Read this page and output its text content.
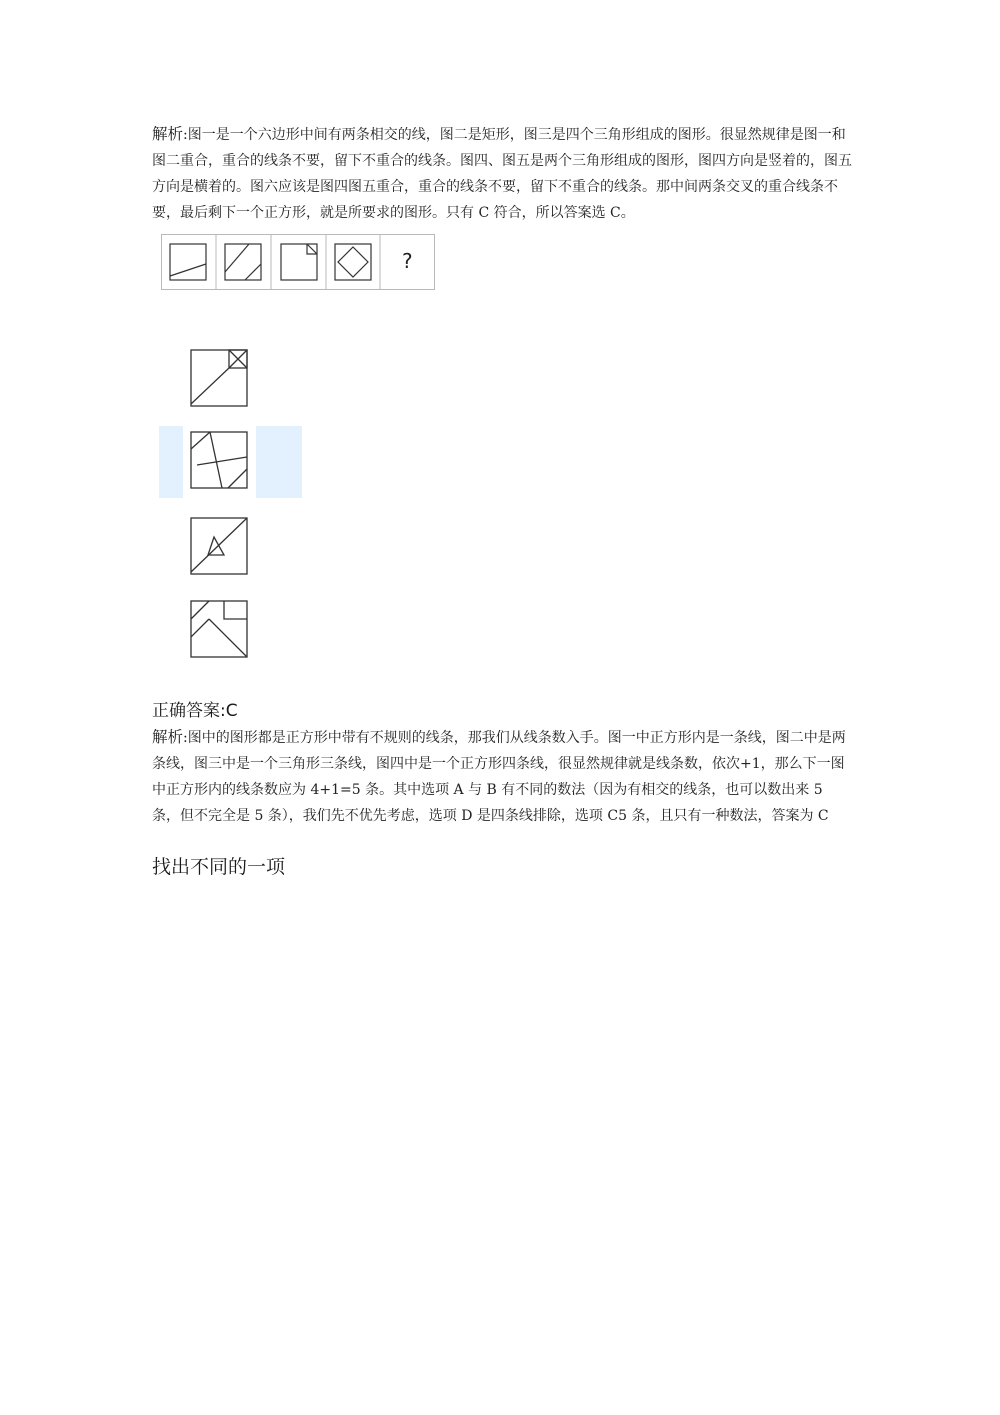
解析:图一是一个六边形中间有两条相交的线，图二是矩形，图三是四个三角形组成的图形。很显然规律是图一和图二重合，重合的线条不要，留下不重合的线条。图四、图五是两个三角形组成的图形，图四方向是竖着的，图五方向是横着的。图六应该是图四图五重合，重合的线条不要，留下不重合的线条。那中间两条交叉的重合线条不要，最后剩下一个正方形，就是所要求的图形。只有 C 符合，所以答案选 C。
?
正确答案:C
解析:图中的图形都是正方形中带有不规则的线条，那我们从线条数入手。图一中正方形内是一条线，图二中是两条线，图三中是一个三角形三条线，图四中是一个正方形四条线，很显然规律就是线条数，依次+1，那么下一图中正方形内的线条数应为 4+1=5 条。其中选项 A 与 B 有不同的数法（因为有相交的线条，也可以数出来 5 条，但不完全是 5 条），我们先不优先考虑，选项 D 是四条线排除，选项 C5 条，且只有一种数法，答案为 C
找出不同的一项
